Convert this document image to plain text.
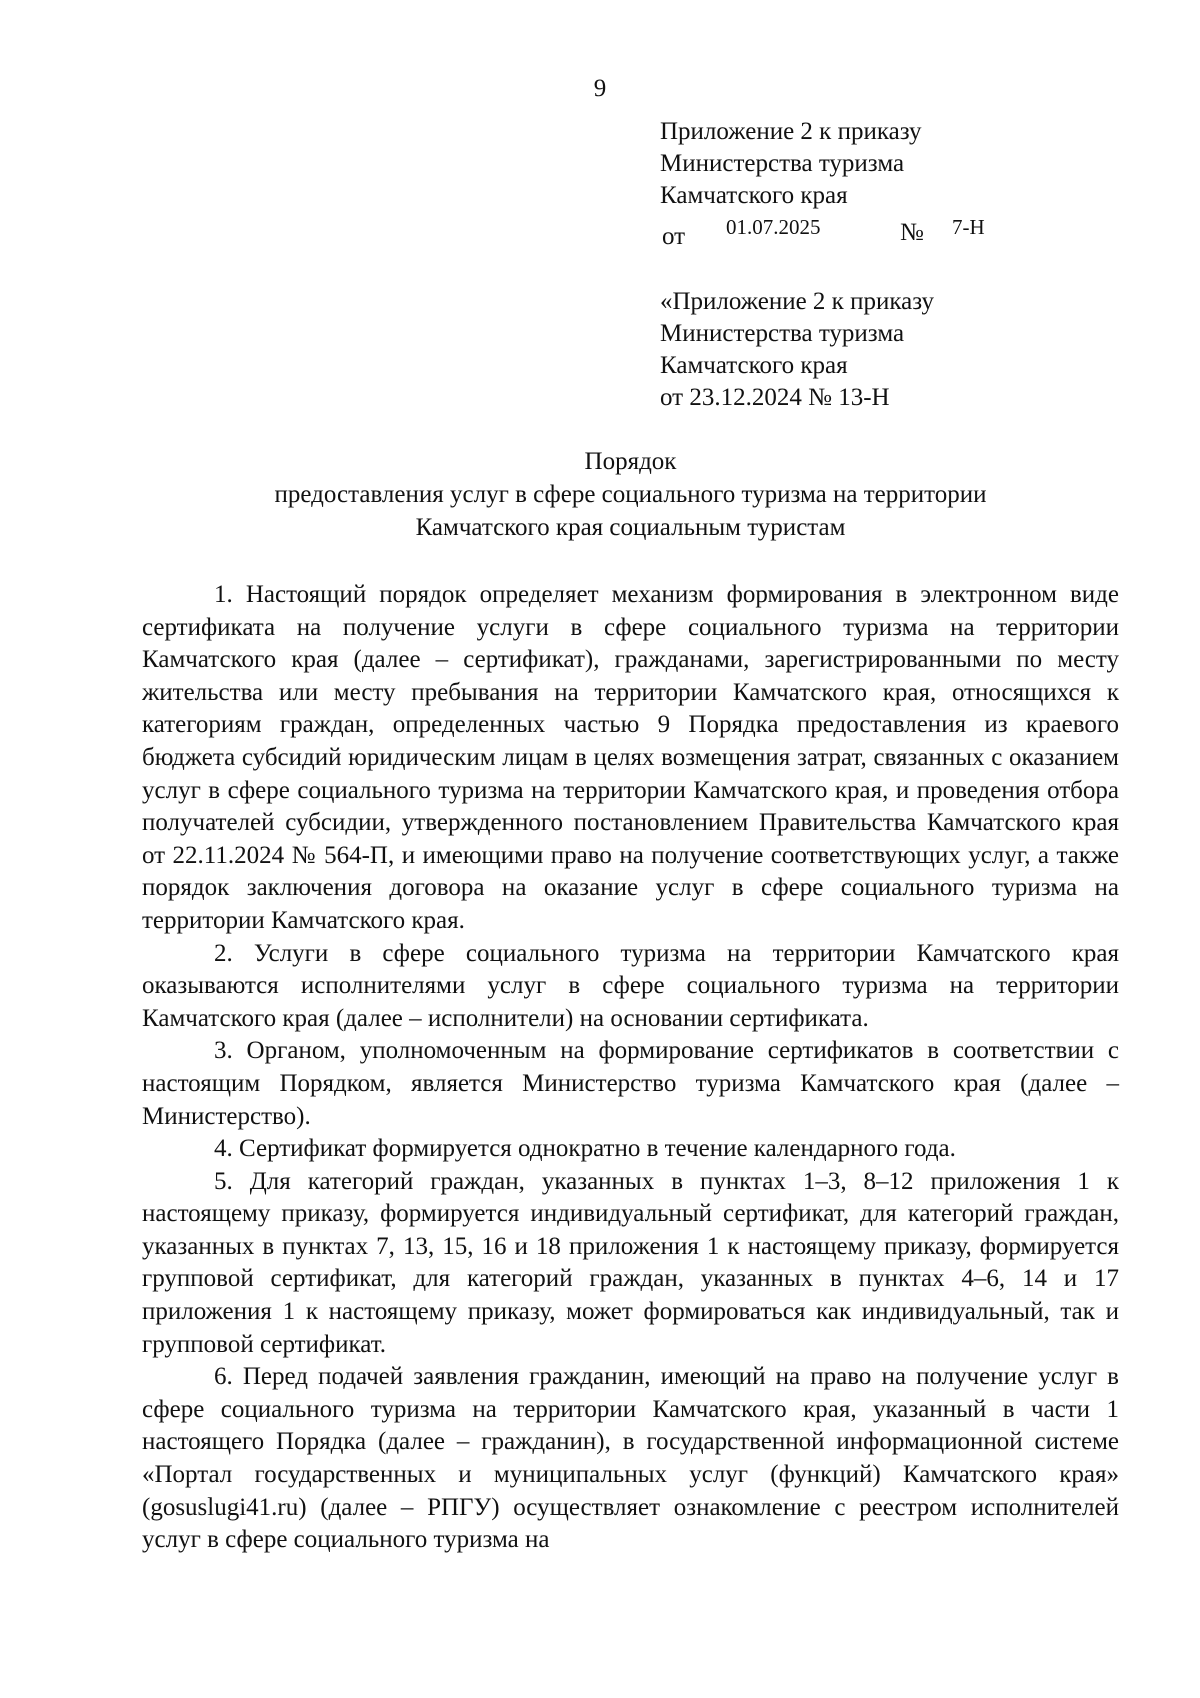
9
Приложение 2 к приказу
Министерства туризма
Камчатского края
от 01.07.2025	№ 7-Н
«Приложение 2 к приказу
Министерства туризма
Камчатского края
от 23.12.2024 № 13-Н
Порядок
предоставления услуг в сфере социального туризма на территории
Камчатского края социальным туристам

1. Настоящий порядок определяет механизм формирования в электронном виде сертификата на получение услуги в сфере социального туризма на территории Камчатского края (далее – сертификат), гражданами, зарегистрированными по месту жительства или месту пребывания на территории Камчатского края, относящихся к категориям граждан, определенных частью 9 Порядка предоставления из краевого бюджета субсидий юридическим лицам в целях возмещения затрат, связанных с оказанием услуг в сфере социального туризма на территории Камчатского края, и проведения отбора получателей субсидии, утвержденного постановлением Правительства Камчатского края от 22.11.2024 № 564-П, и имеющими право на получение соответствующих услуг, а также порядок заключения договора на оказание услуг в сфере социального туризма на территории Камчатского края.

2. Услуги в сфере социального туризма на территории Камчатского края оказываются исполнителями услуг в сфере социального туризма на территории Камчатского края (далее – исполнители) на основании сертификата.

3. Органом, уполномоченным на формирование сертификатов в соответствии с настоящим Порядком, является Министерство туризма Камчатского края (далее – Министерство).

4. Сертификат формируется однократно в течение календарного года.

5. Для категорий граждан, указанных в пунктах 1–3, 8–12 приложения 1 к настоящему приказу, формируется индивидуальный сертификат, для категорий граждан, указанных в пунктах 7, 13, 15, 16 и 18 приложения 1 к настоящему приказу, формируется групповой сертификат, для категорий граждан, указанных в пунктах 4–6, 14 и 17 приложения 1 к настоящему приказу, может формироваться как индивидуальный, так и групповой сертификат.

6. Перед подачей заявления гражданин, имеющий на право на получение услуг в сфере социального туризма на территории Камчатского края, указанный в части 1 настоящего Порядка (далее – гражданин), в государственной информационной системе «Портал государственных и муниципальных услуг (функций) Камчатского края» (gosuslugi41.ru) (далее – РПГУ) осуществляет ознакомление с реестром исполнителей услуг в сфере социального туризма на
